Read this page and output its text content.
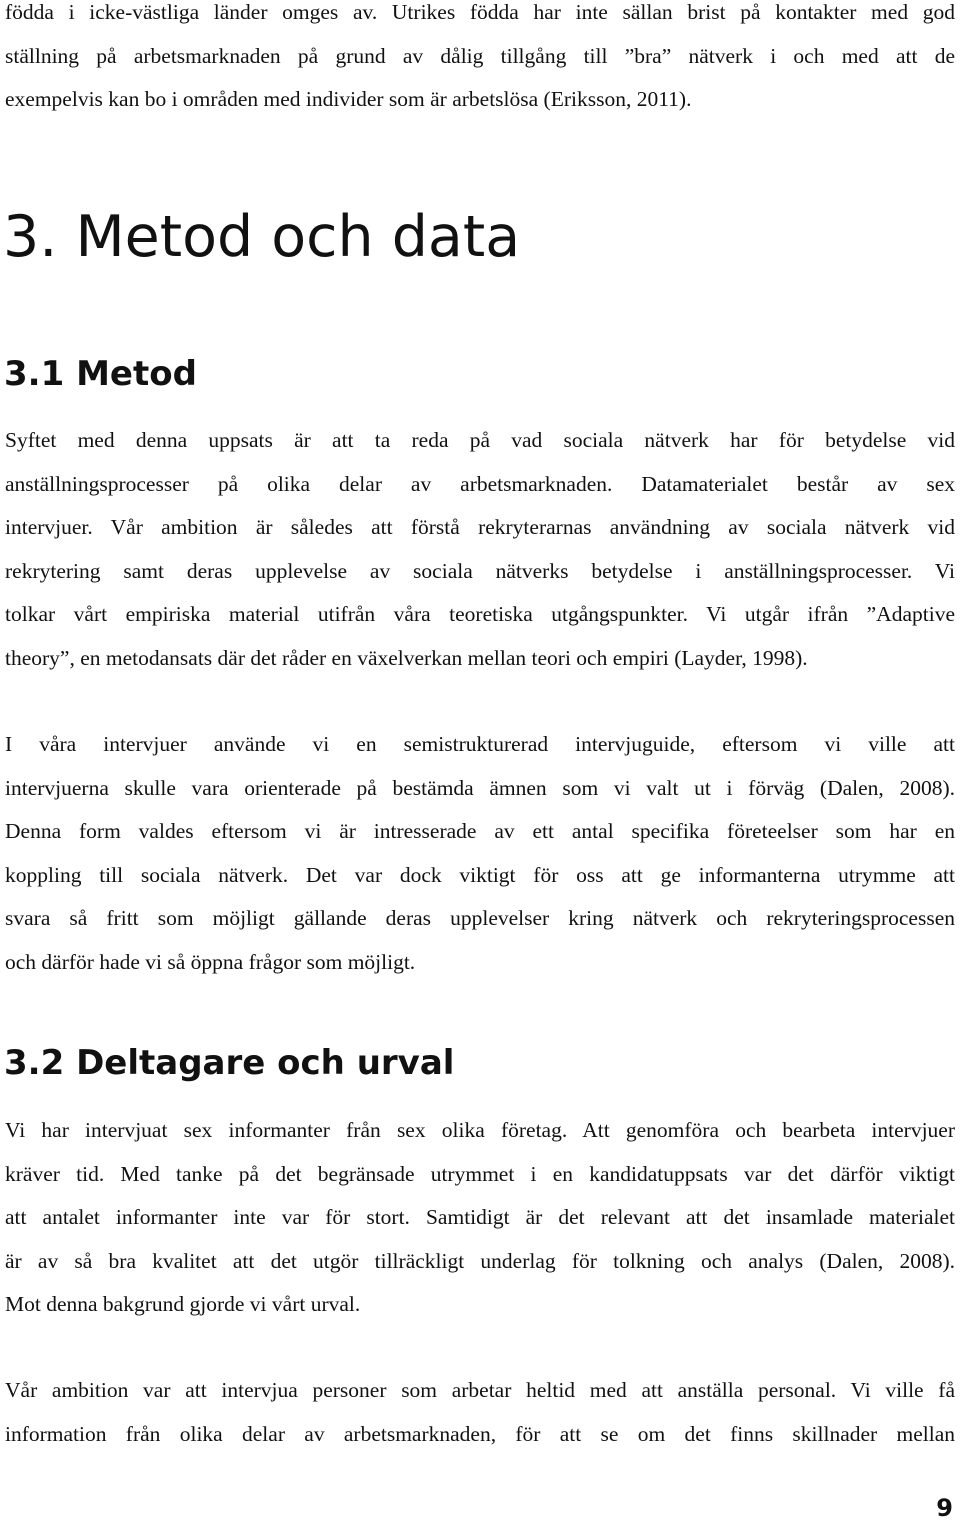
födda i icke-västliga länder omges av. Utrikes födda har inte sällan brist på kontakter med god
ställning på arbetsmarknaden på grund av dålig tillgång till ”bra” nätverk i och med att de
exempelvis kan bo i områden med individer som är arbetslösa (Eriksson, 2011).
3. Metod och data
3.1 Metod
Syftet med denna uppsats är att ta reda på vad sociala nätverk har för betydelse vid
anställningsprocesser på olika delar av arbetsmarknaden. Datamaterialet består av sex
intervjuer. Vår ambition är således att förstå rekryterarnas användning av sociala nätverk vid
rekrytering samt deras upplevelse av sociala nätverks betydelse i anställningsprocesser. Vi
tolkar vårt empiriska material utifrån våra teoretiska utgångspunkter. Vi utgår ifrån ”Adaptive
theory”, en metodansats där det råder en växelverkan mellan teori och empiri (Layder, 1998).
I våra intervjuer använde vi en semistrukturerad intervjuguide, eftersom vi ville att
intervjuerna skulle vara orienterade på bestämda ämnen som vi valt ut i förväg (Dalen, 2008).
Denna form valdes eftersom vi är intresserade av ett antal specifika företeelser som har en
koppling till sociala nätverk. Det var dock viktigt för oss att ge informanterna utrymme att
svara så fritt som möjligt gällande deras upplevelser kring nätverk och rekryteringsprocessen
och därför hade vi så öppna frågor som möjligt.
3.2 Deltagare och urval
Vi har intervjuat sex informanter från sex olika företag. Att genomföra och bearbeta intervjuer
kräver tid. Med tanke på det begränsade utrymmet i en kandidatuppsats var det därför viktigt
att antalet informanter inte var för stort. Samtidigt är det relevant att det insamlade materialet
är av så bra kvalitet att det utgör tillräckligt underlag för tolkning och analys (Dalen, 2008).
Mot denna bakgrund gjorde vi vårt urval.
Vår ambition var att intervjua personer som arbetar heltid med att anställa personal. Vi ville få
information från olika delar av arbetsmarknaden, för att se om det finns skillnader mellan
9
